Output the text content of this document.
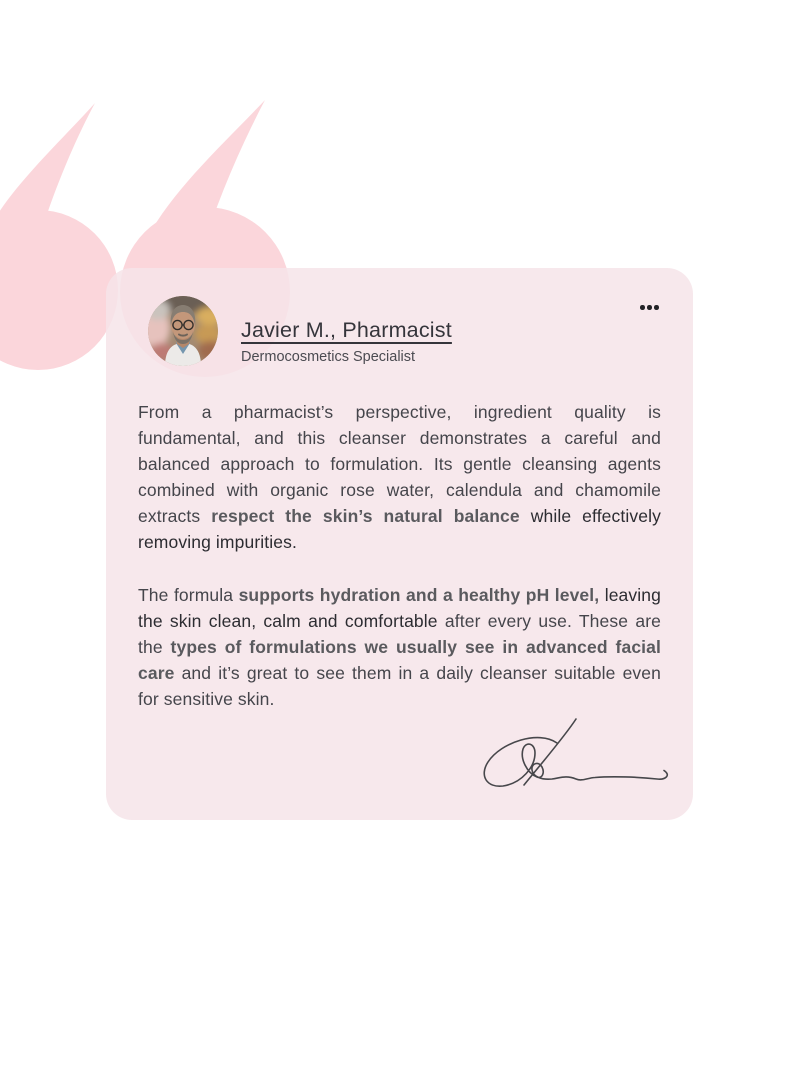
Javier M., Pharmacist
Dermocosmetics Specialist

From a pharmacist’s perspective, ingredient quality is fundamental, and this cleanser demonstrates a careful and balanced approach to formulation. Its gentle cleansing agents combined with organic rose water, calendula and chamomile extracts respect the skin’s natural balance while effectively removing impurities.

The formula supports hydration and a healthy pH level, leaving the skin clean, calm and comfortable after every use. These are the types of formulations we usually see in advanced facial care and it’s great to see them in a daily cleanser suitable even for sensitive skin.
